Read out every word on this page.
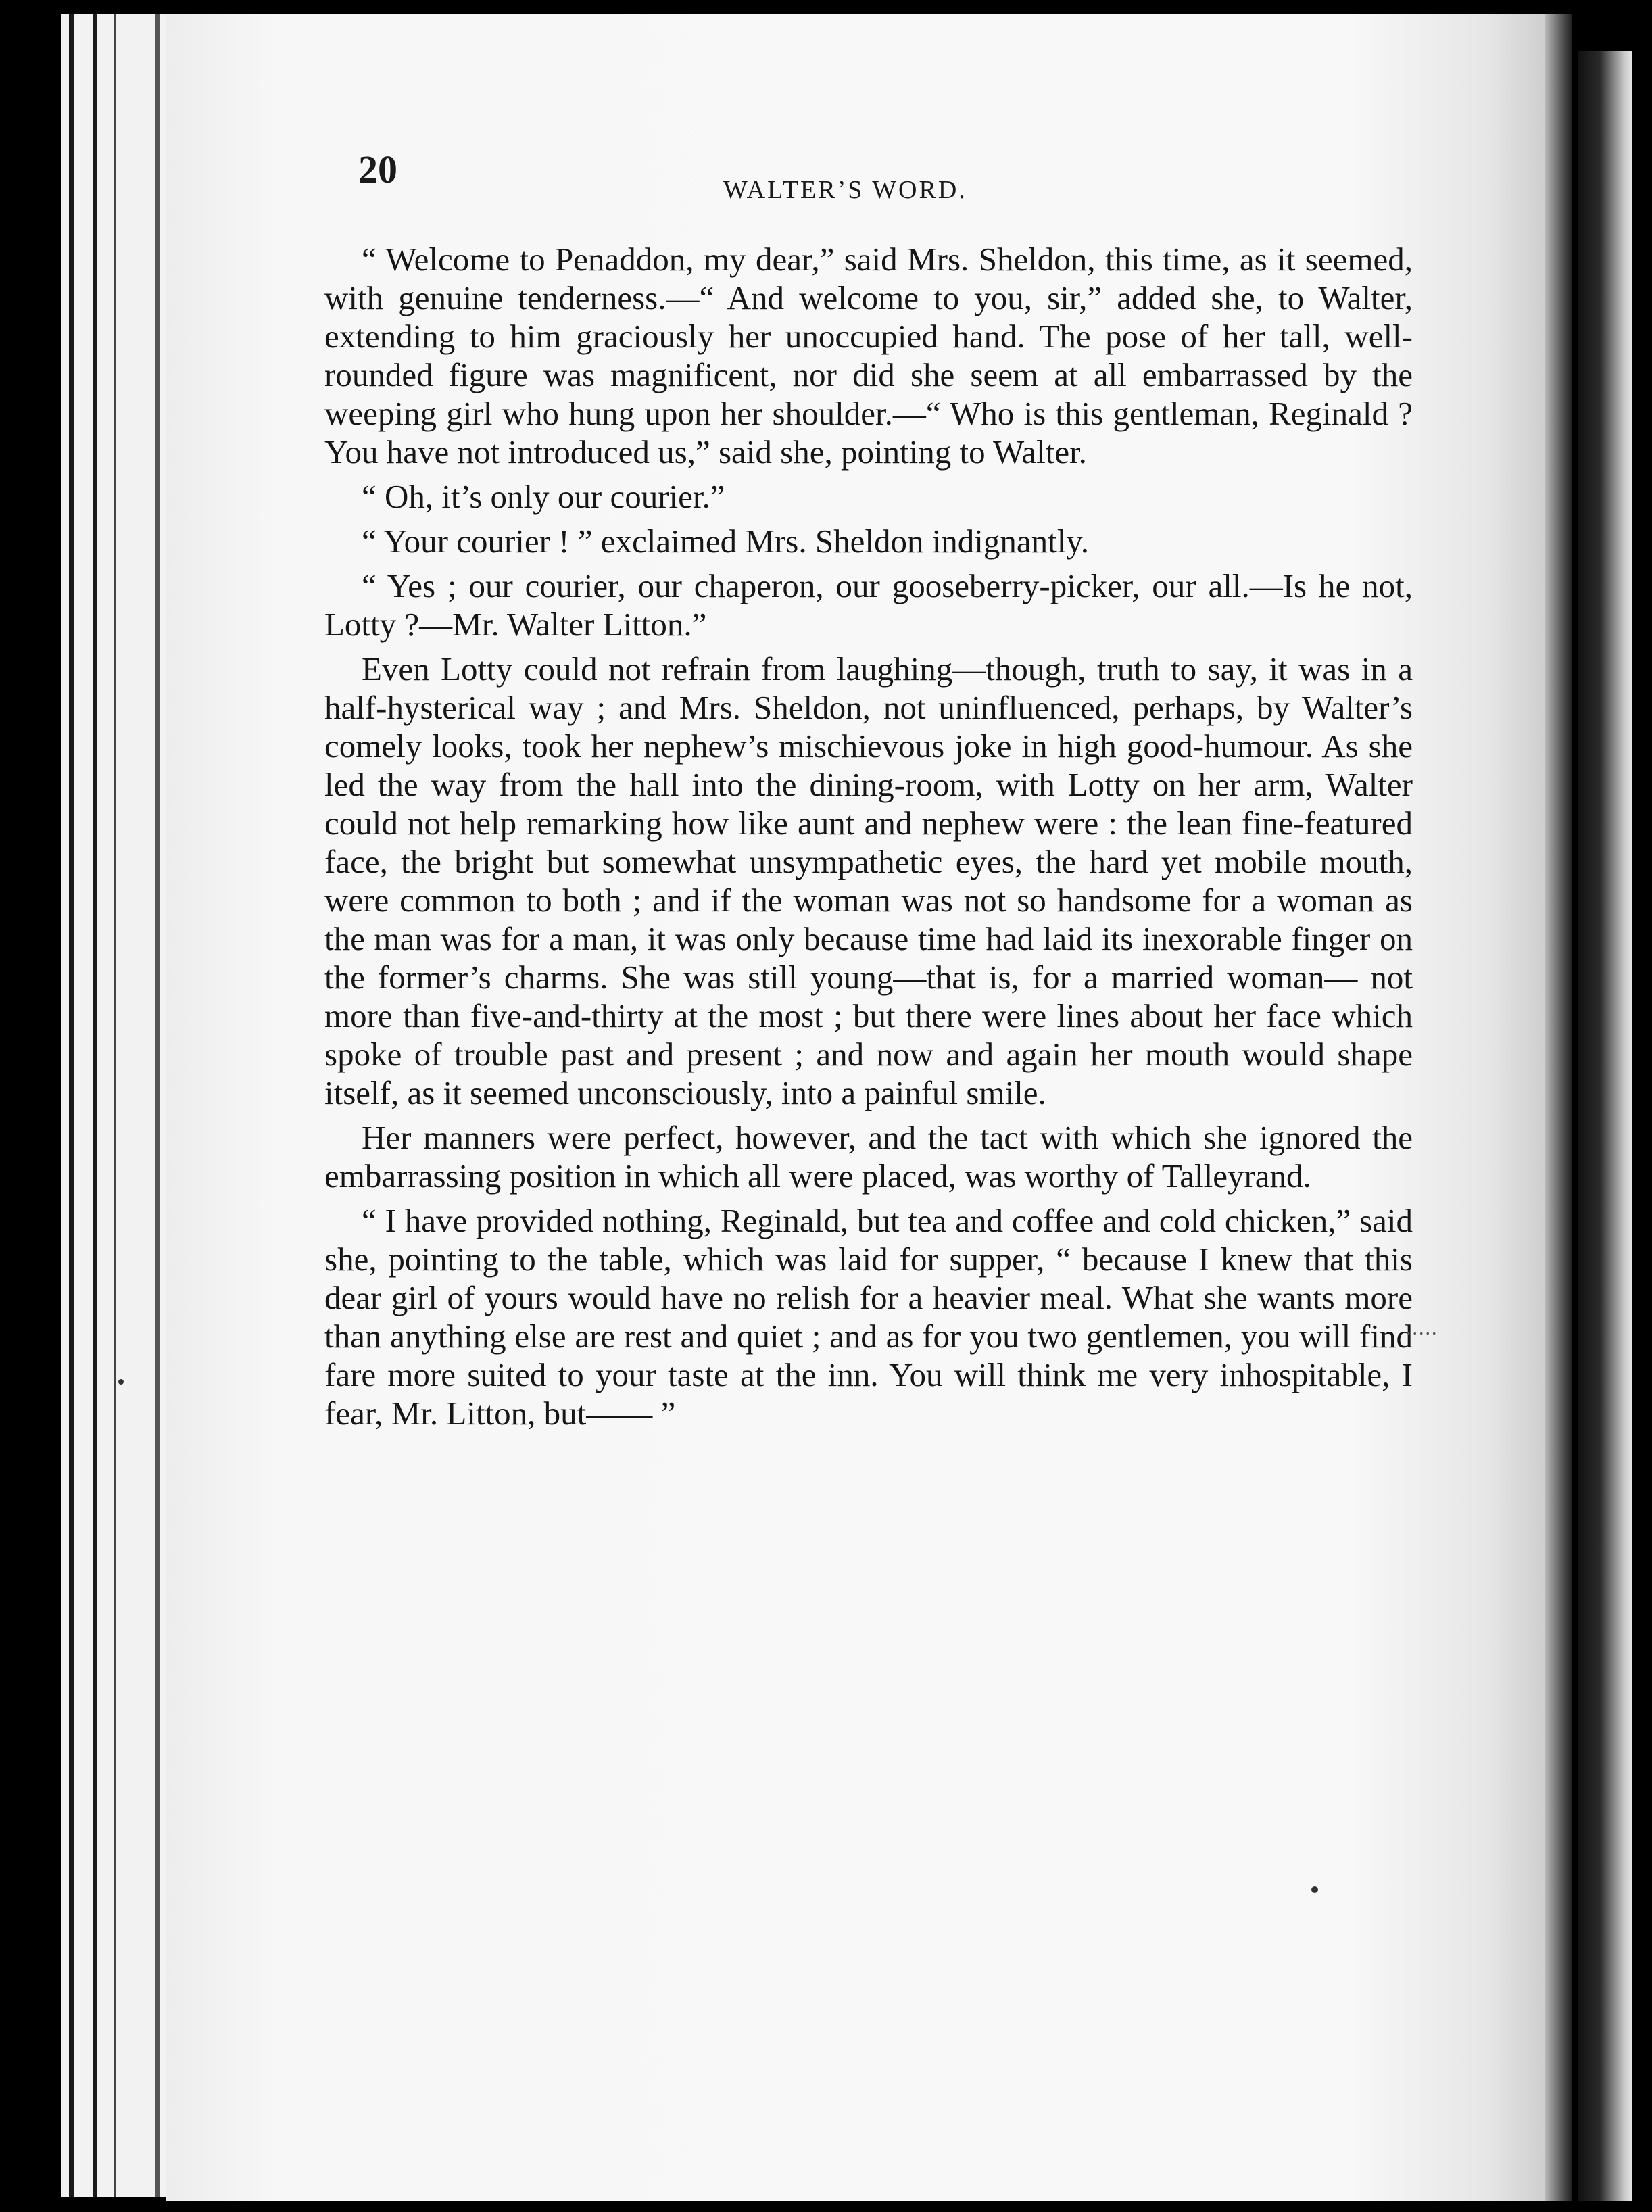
20	WALTER’S WORD.

“ Welcome to Penaddon, my dear,” said Mrs. Sheldon, this time, as it seemed, with genuine tenderness.—“ And welcome to you, sir,” added she, to Walter, extending to him graciously her unoccupied hand. The pose of her tall, well-rounded figure was magnificent, nor did she seem at all embarrassed by the weeping girl who hung upon her shoulder.—“ Who is this gentleman, Reginald ? You have not introduced us,” said she, pointing to Walter.

“ Oh, it’s only our courier.”

“ Your courier ! ” exclaimed Mrs. Sheldon indignantly.

“ Yes ; our courier, our chaperon, our gooseberry-picker, our all.—Is he not, Lotty ?—Mr. Walter Litton.”

Even Lotty could not refrain from laughing—though, truth to say, it was in a half-hysterical way ; and Mrs. Sheldon, not uninfluenced, perhaps, by Walter’s comely looks, took her nephew’s mischievous joke in high good-humour. As she led the way from the hall into the dining-room, with Lotty on her arm, Walter could not help remarking how like aunt and nephew were : the lean fine-featured face, the bright but somewhat unsympathetic eyes, the hard yet mobile mouth, were common to both ; and if the woman was not so handsome for a woman as the man was for a man, it was only because time had laid its inexorable finger on the former’s charms. She was still young—that is, for a married woman— not more than five-and-thirty at the most ; but there were lines about her face which spoke of trouble past and present ; and now and again her mouth would shape itself, as it seemed unconsciously, into a painful smile.

Her manners were perfect, however, and the tact with which she ignored the embarrassing position in which all were placed, was worthy of Talleyrand.

“ I have provided nothing, Reginald, but tea and coffee and cold chicken,” said she, pointing to the table, which was laid for supper, “ because I knew that this dear girl of yours would have no relish for a heavier meal. What she wants more than anything else are rest and quiet ; and as for you two gentlemen, you will find fare more suited to your taste at the inn. You will think me very inhospitable, I fear, Mr. Litton, but—— ”

.....
